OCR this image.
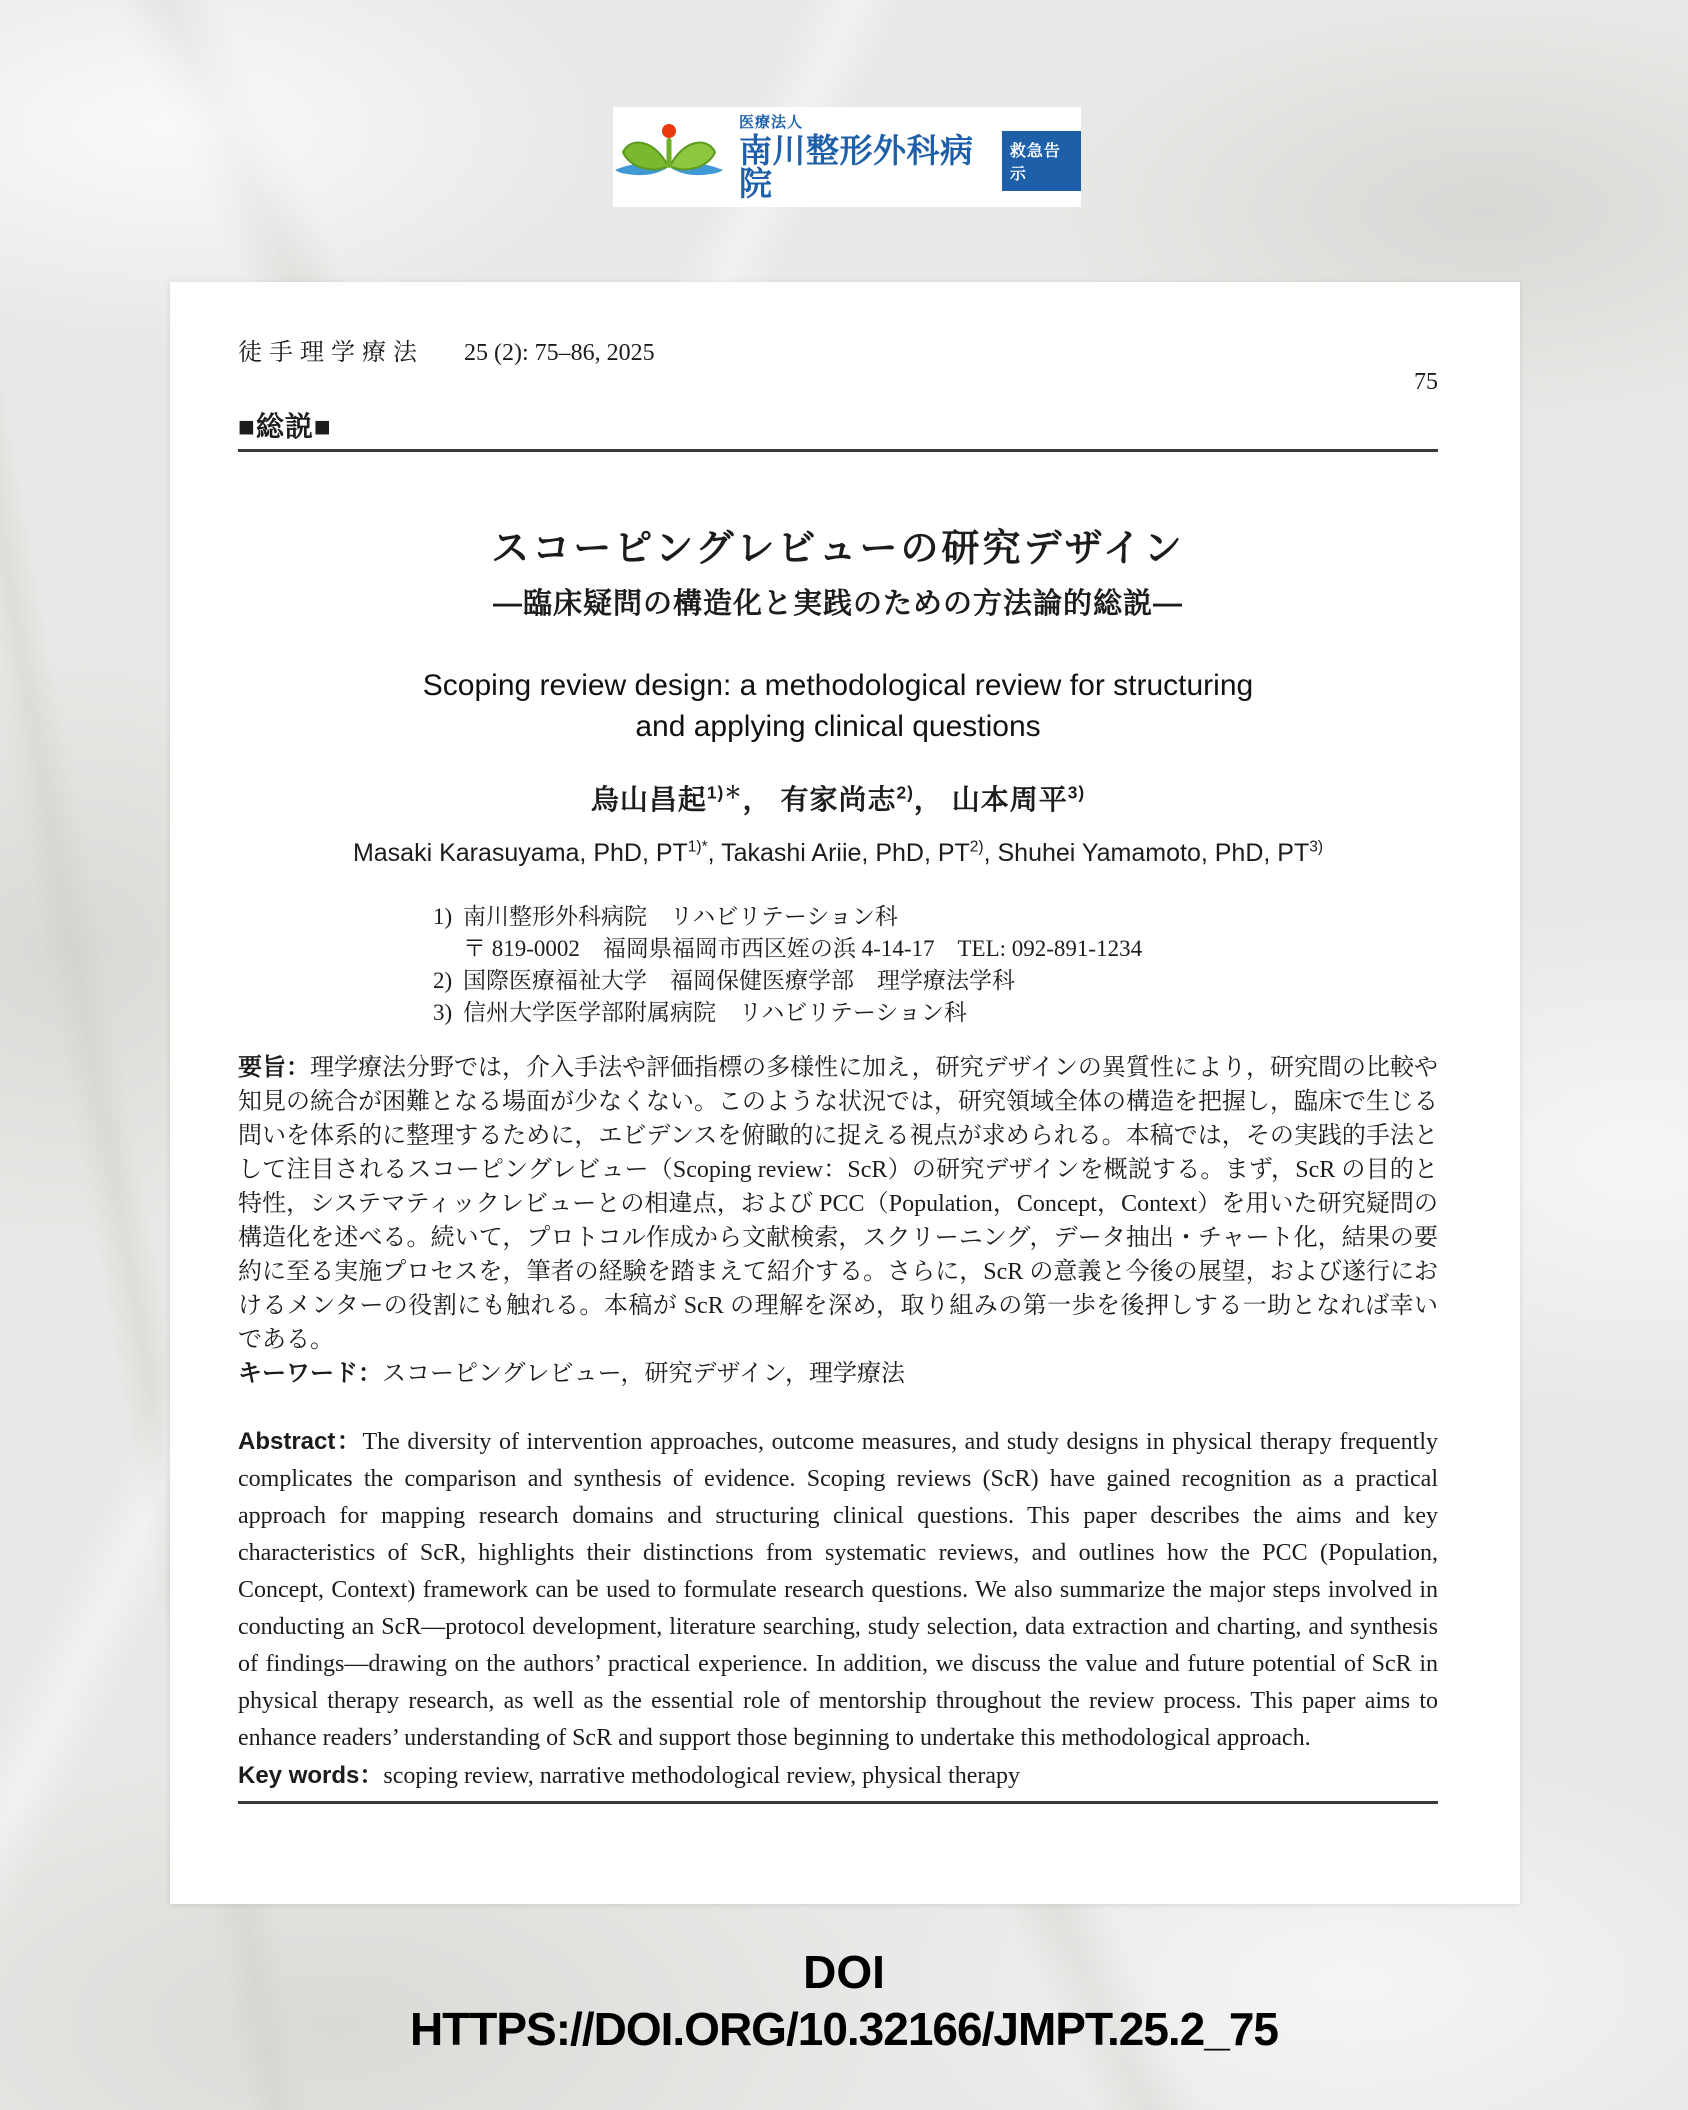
医療法人
南川整形外科病院
救急告示
徒手理学療法 25 (2): 75–86, 2025
75
■総説■
スコーピングレビューの研究デザイン
―臨床疑問の構造化と実践のための方法論的総説―
Scoping review design: a methodological review for structuring
and applying clinical questions
烏山昌起$^{1)*}$， 有家尚志$^{2)}$， 山本周平$^{3)}$
Masaki Karasuyama, PhD, $PT^{1)*}$, Takashi Ariie, PhD, PT$^{2)}$, Shuhei Yamamoto, PhD, PT$^{3)}$
1) 南川整形外科病院　リハビリテーション科
〒 819-0002　福岡県福岡市西区姪の浜 4-14-17　TEL: 092-891-1234
2) 国際医療福祉大学　福岡保健医療学部　理学療法学科
3) 信州大学医学部附属病院　リハビリテーション科

要旨：理学療法分野では，介入手法や評価指標の多様性に加え，研究デザインの異質性により，研究間の比較や知見の統合が困難となる場面が少なくない。このような状況では，研究領域全体の構造を把握し，臨床で生じる問いを体系的に整理するために，エビデンスを俯瞰的に捉える視点が求められる。本稿では，その実践的手法として注目されるスコーピングレビュー（Scoping review：ScR）の研究デザインを概説する。まず，ScR の目的と特性，システマティックレビューとの相違点，および PCC（Population，Concept，Context）を用いた研究疑問の構造化を述べる。続いて，プロトコル作成から文献検索，スクリーニング，データ抽出・チャート化，結果の要約に至る実施プロセスを，筆者の経験を踏まえて紹介する。さらに，ScR の意義と今後の展望，および遂行におけるメンターの役割にも触れる。本稿が ScR の理解を深め，取り組みの第一歩を後押しする一助となれば幸いである。

キーワード：スコーピングレビュー，研究デザイン，理学療法

Abstract：The diversity of intervention approaches, outcome measures, and study designs in physical therapy frequently complicates the comparison and synthesis of evidence. Scoping reviews (ScR) have gained recognition as a practical approach for mapping research domains and structuring clinical questions. This paper describes the aims and key characteristics of ScR, highlights their distinctions from systematic reviews, and outlines how the PCC (Population, Concept, Context) framework can be used to formulate research questions. We also summarize the major steps involved in conducting an ScR—protocol development, literature searching, study selection, data extraction and charting, and synthesis of findings—drawing on the authors’ practical experience. In addition, we discuss the value and future potential of ScR in physical therapy research, as well as the essential role of mentorship throughout the review process. This paper aims to enhance readers’ understanding of ScR and support those beginning to undertake this methodological approach.

Key words：scoping review, narrative methodological review, physical therapy

DOI
HTTPS://DOI.ORG/10.32166/JMPT.25.2_75
